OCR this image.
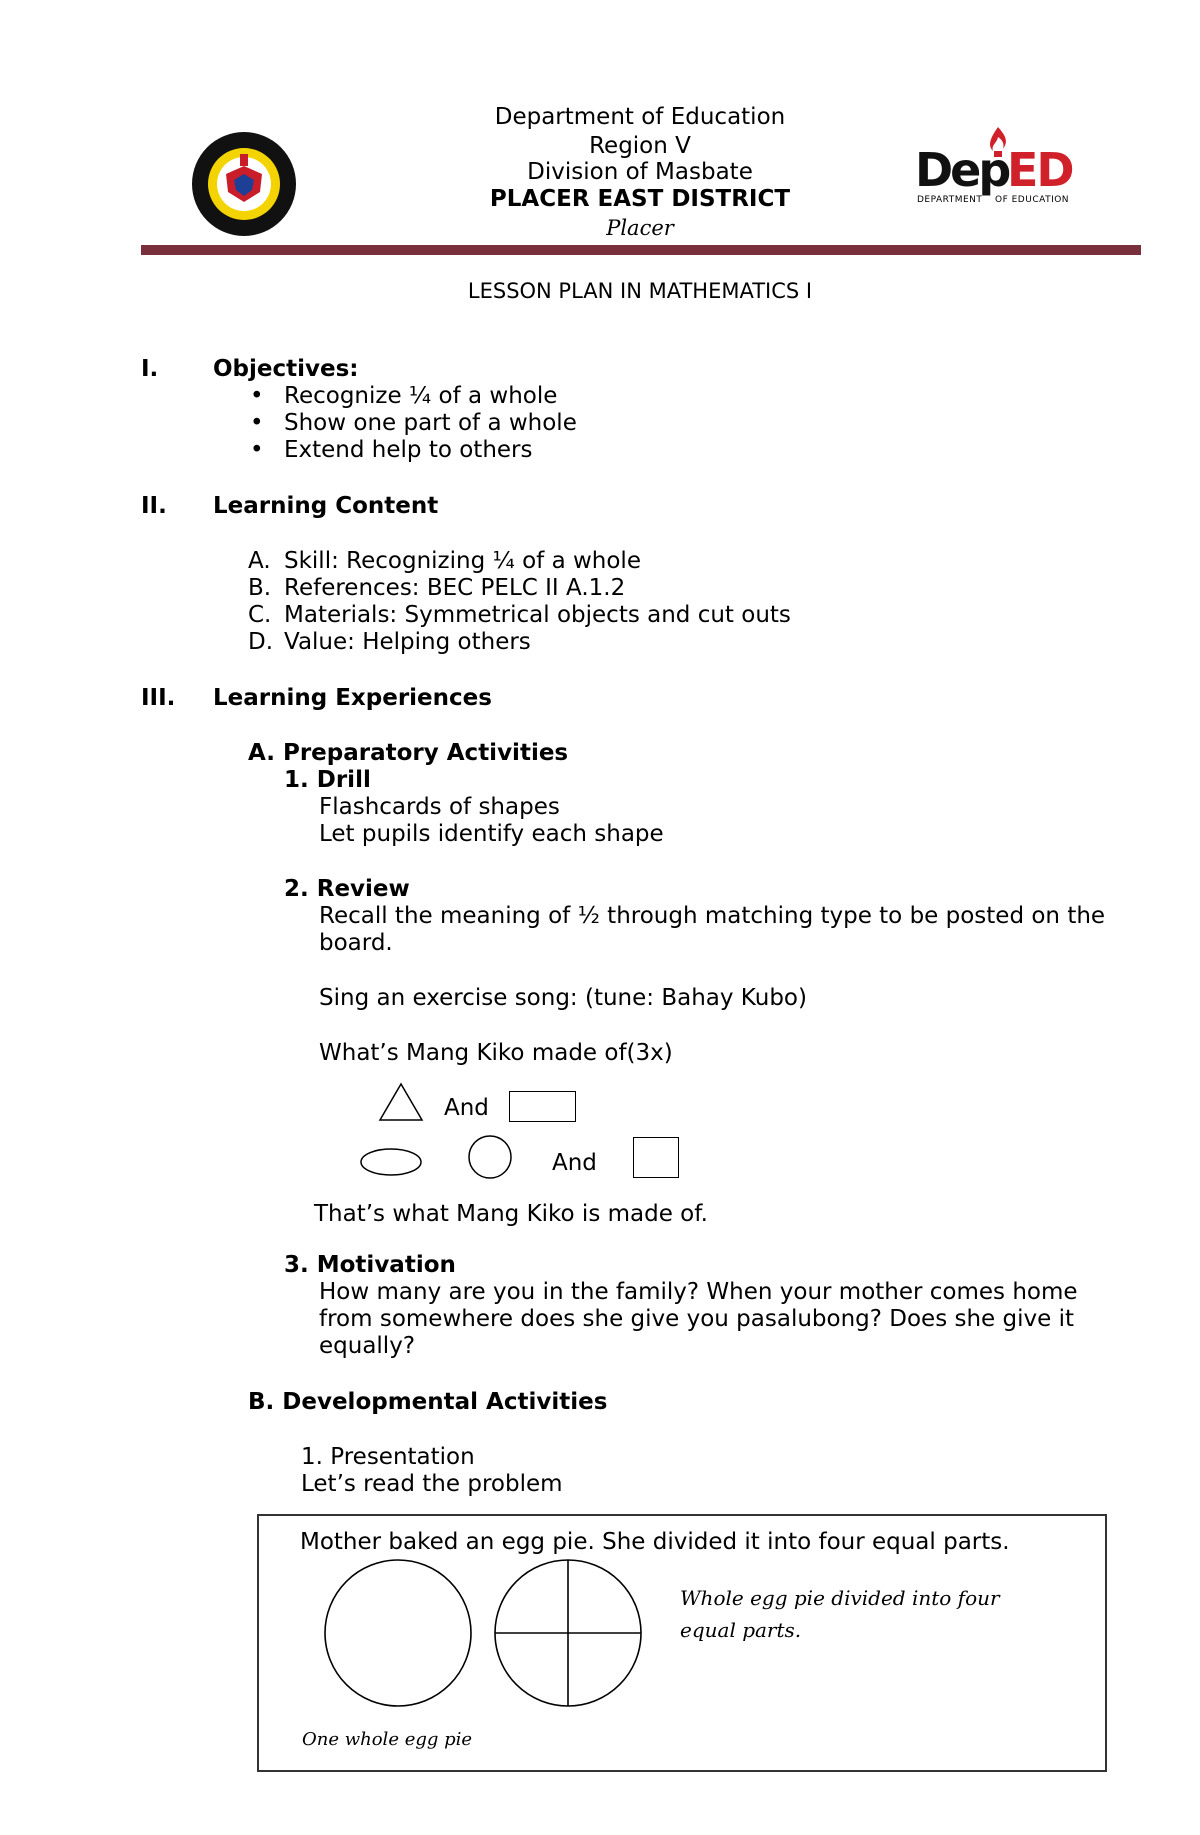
Department of Education
Region V
Division of Masbate
PLACER EAST DISTRICT
Placer
Dep
ED
DEPARTMENT OF EDUCATION
LESSON PLAN IN MATHEMATICS I
I. Objectives:
• Recognize ¼ of a whole
• Show one part of a whole
• Extend help to others
II. Learning Content
A. Skill: Recognizing ¼ of a whole
B. References: BEC PELC II A.1.2
C. Materials: Symmetrical objects and cut outs
D. Value: Helping others
III. Learning Experiences
A. Preparatory Activities
1. Drill
Flashcards of shapes
Let pupils identify each shape
2. Review
Recall the meaning of ½ through matching type to be posted on the
board.
Sing an exercise song: (tune: Bahay Kubo)
What’s Mang Kiko made of(3x)
And
And
That’s what Mang Kiko is made of.
3. Motivation
How many are you in the family? When your mother comes home
from somewhere does she give you pasalubong? Does she give it
equally?
B. Developmental Activities
1. Presentation
Let’s read the problem
Mother baked an egg pie. She divided it into four equal parts.
Whole egg pie divided into four
equal parts.
One whole egg pie
